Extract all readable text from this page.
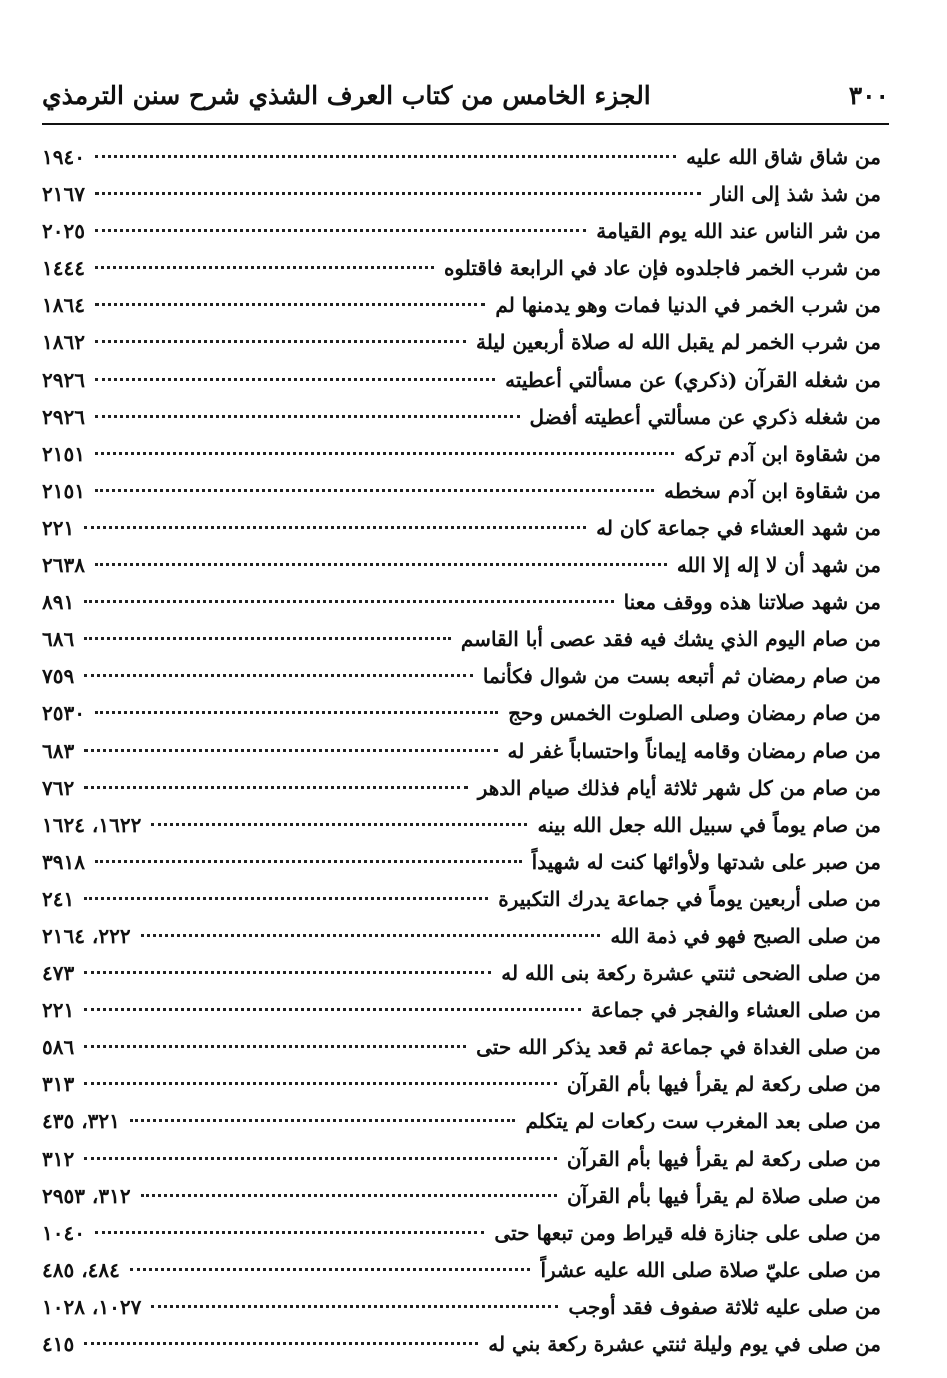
٣٠٠
الجزء الخامس من كتاب العرف الشذي شرح سنن الترمذي
من شاق شاق الله عليه
١٩٤٠
من شذ شذ إلى النار
٢١٦٧
من شر الناس عند الله يوم القيامة
٢٠٢٥
من شرب الخمر فاجلدوه فإن عاد في الرابعة فاقتلوه
١٤٤٤
من شرب الخمر في الدنيا فمات وهو يدمنها لم
١٨٦٤
من شرب الخمر لم يقبل الله له صلاة أربعين ليلة
١٨٦٢
من شغله القرآن (ذكري) عن مسألتي أعطيته
٢٩٢٦
من شغله ذكري عن مسألتي أعطيته أفضل
٢٩٢٦
من شقاوة ابن آدم تركه
٢١٥١
من شقاوة ابن آدم سخطه
٢١٥١
من شهد العشاء في جماعة كان له
٢٢١
من شهد أن لا إله إلا الله
٢٦٣٨
من شهد صلاتنا هذه ووقف معنا
٨٩١
من صام اليوم الذي يشك فيه فقد عصى أبا القاسم
٦٨٦
من صام رمضان ثم أتبعه بست من شوال فكأنما
٧٥٩
من صام رمضان وصلى الصلوت الخمس وحج
٢٥٣٠
من صام رمضان وقامه إيماناً واحتساباً غفر له
٦٨٣
من صام من كل شهر ثلاثة أيام فذلك صيام الدهر
٧٦٢
من صام يوماً في سبيل الله جعل الله بينه
١٦٢٢، ١٦٢٤
من صبر على شدتها ولأوائها كنت له شهيداً
٣٩١٨
من صلى أربعين يوماً في جماعة يدرك التكبيرة
٢٤١
من صلى الصبح فهو في ذمة الله
٢٢٢، ٢١٦٤
من صلى الضحى ثنتي عشرة ركعة بنى الله له
٤٧٣
من صلى العشاء والفجر في جماعة
٢٢١
من صلى الغداة في جماعة ثم قعد يذكر الله حتى
٥٨٦
من صلى ركعة لم يقرأ فيها بأم القرآن
٣١٣
من صلى بعد المغرب ست ركعات لم يتكلم
٣٢١، ٤٣٥
من صلى ركعة لم يقرأ فيها بأم القرآن
٣١٢
من صلى صلاة لم يقرأ فيها بأم القرآن
٣١٢، ٢٩٥٣
من صلى على جنازة فله قيراط ومن تبعها حتى
١٠٤٠
من صلى عليّ صلاة صلى الله عليه عشراً
٤٨٤، ٤٨٥
من صلى عليه ثلاثة صفوف فقد أوجب
١٠٢٧، ١٠٢٨
من صلى في يوم وليلة ثنتي عشرة ركعة بني له
٤١٥
